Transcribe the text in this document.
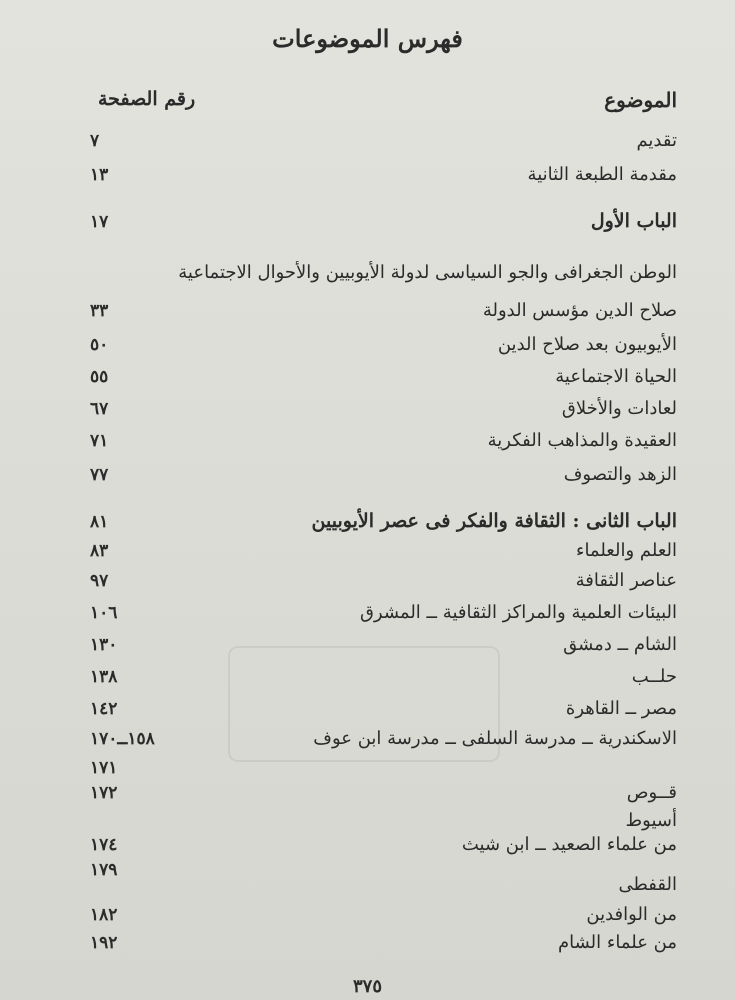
فهرس الموضوعات
الموضوع
رقم الصفحة
تقديم
٧
مقدمة الطبعة الثانية
١٣
الباب الأول
١٧
الوطن الجغرافى والجو السياسى لدولة الأيوبيين والأحوال الاجتماعية
صلاح الدين مؤسس الدولة
٣٣
الأيوبيون بعد صلاح الدين
٥٠
الحياة الاجتماعية
٥٥
لعادات والأخلاق
٦٧
العقيدة والمذاهب الفكرية
٧١
الزهد والتصوف
٧٧
الباب الثانى : الثقافة والفكر فى عصر الأيوبيين
٨١
العلم والعلماء
٨٣
عناصر الثقافة
٩٧
البيئات العلمية والمراكز الثقافية ــ المشرق
١٠٦
الشام ــ دمشق
١٣٠
حلــب
١٣٨
مصر ــ القاهرة
١٤٢
الاسكندرية ــ مدرسة السلفى ــ مدرسة ابن عوف
١٥٨ــ١٧٠
١٧١
قــوص
١٧٢
أسيوط
من علماء الصعيد ــ ابن شيث
١٧٤
١٧٩
القفطى
من الوافدين
١٨٢
من علماء الشام
١٩٢
٣٧٥
